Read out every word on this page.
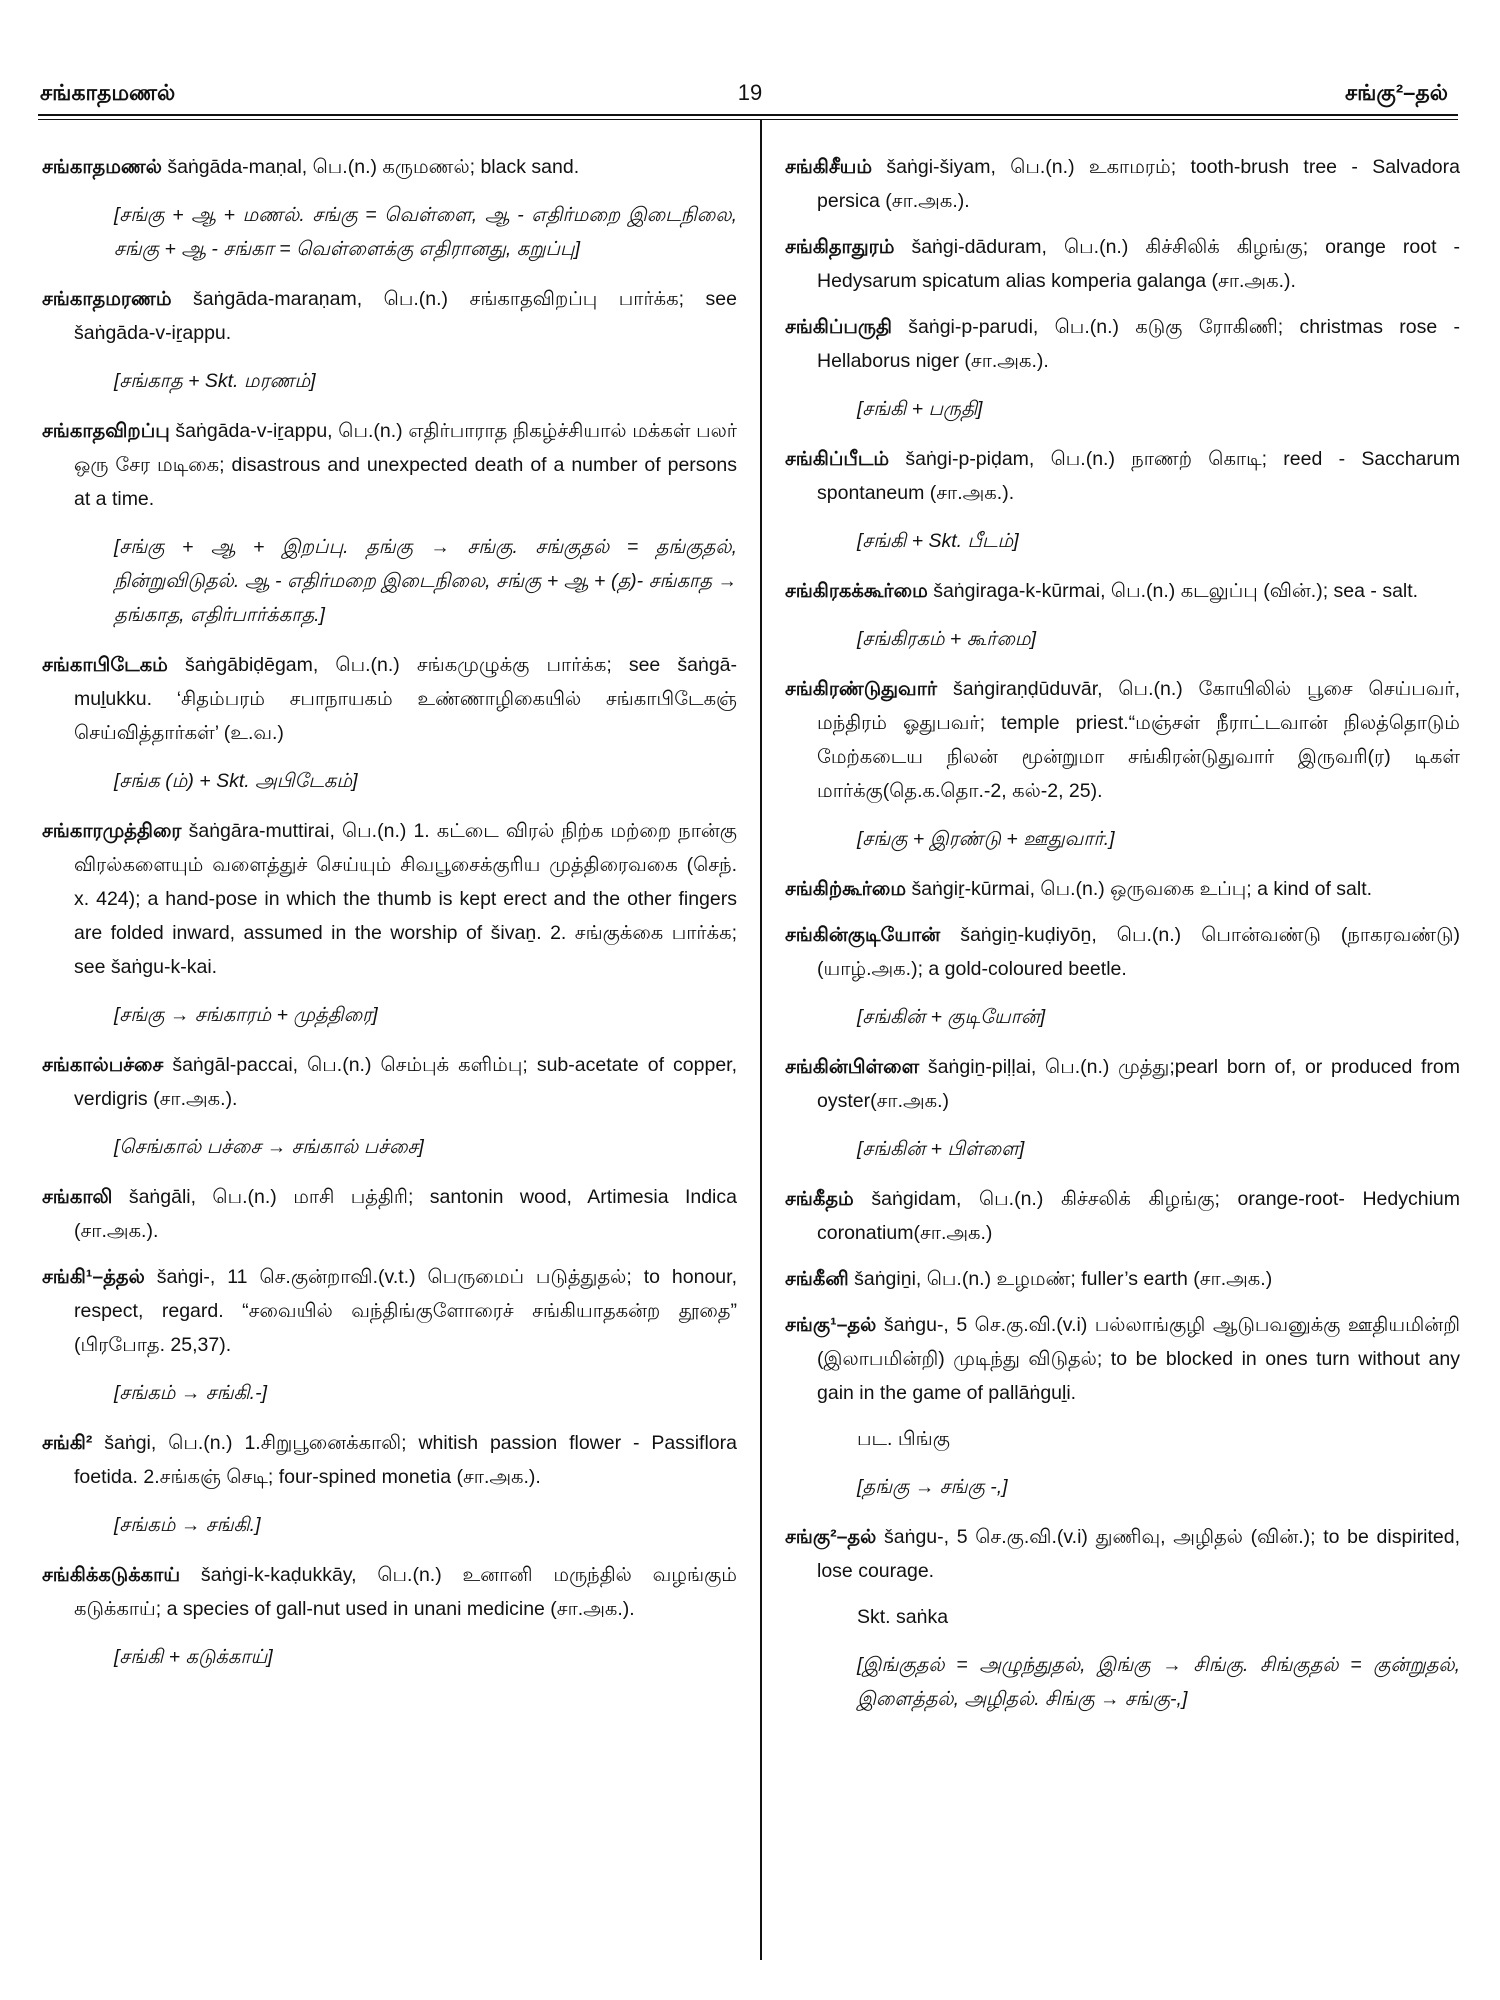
சங்காதமணல்	19	சங்கு²–தல்

சங்காதமணல் šaṅgāda-maṇal, பெ.(n.) கருமணல்; black sand.

[சங்கு + ஆ + மணல். சங்கு = வெள்ளை, ஆ - எதிர்மறை இடைநிலை, சங்கு + ஆ - சங்கா = வெள்ளைக்கு எதிரானது, கறுப்பு]

சங்காதமரணம் šaṅgāda-maraṇam, பெ.(n.) சங்காதவிறப்பு பார்க்க; see šaṅgāda-v-iṟappu.

[சங்காத + Skt. மரணம்]

சங்காதவிறப்பு šaṅgāda-v-iṟappu, பெ.(n.) எதிர்பாராத நிகழ்ச்சியால் மக்கள் பலர் ஒரு சேர மடிகை; disastrous and unexpected death of a number of persons at a time.

[சங்கு + ஆ + இறப்பு. தங்கு → சங்கு. சங்குதல் = தங்குதல், நின்றுவிடுதல். ஆ - எதிர்மறை இடைநிலை, சங்கு + ஆ + (த)- சங்காத → தங்காத, எதிர்பார்க்காத.]

சங்காபிடேகம் šaṅgābiḍēgam, பெ.(n.) சங்கமுழுக்கு பார்க்க; see šaṅgā-muḻukku. ‘சிதம்பரம் சபாநாயகம் உண்ணாழிகையில் சங்காபிடேகஞ் செய்வித்தார்கள்’ (உ.வ.)

[சங்க (ம்) + Skt. அபிடேகம்]

சங்காரமுத்திரை šaṅgāra-muttirai, பெ.(n.) 1. கட்டை விரல் நிற்க மற்றை நான்கு விரல்களையும் வளைத்துச் செய்யும் சிவபூசைக்குரிய முத்திரைவகை (செந். x. 424); a hand-pose in which the thumb is kept erect and the other fingers are folded inward, assumed in the worship of šivaṉ. 2. சங்குக்கை பார்க்க; see šaṅgu-k-kai.

[சங்கு → சங்காரம் + முத்திரை]

சங்கால்பச்சை šaṅgāl-paccai, பெ.(n.) செம்புக் களிம்பு; sub-acetate of copper, verdigris (சா.அக.).

[செங்கால் பச்சை → சங்கால் பச்சை]

சங்காலி šaṅgāli, பெ.(n.) மாசி பத்திரி; santonin wood, Artimesia Indica (சா.அக.).

சங்கி¹–த்தல் šaṅgi-, 11 செ.குன்றாவி.(v.t.) பெருமைப் படுத்துதல்; to honour, respect, regard. “சவையில் வந்திங்குளோரைச் சங்கியாதகன்ற தூதை” (பிரபோத. 25,37).

[சங்கம் → சங்கி.-]

சங்கி² šaṅgi, பெ.(n.) 1.சிறுபூனைக்காலி; whitish passion flower - Passiflora foetida. 2.சங்கஞ் செடி; four-spined monetia (சா.அக.).

[சங்கம் → சங்கி.]

சங்கிக்கடுக்காய் šaṅgi-k-kaḍukkāy, பெ.(n.) உனானி மருந்தில் வழங்கும் கடுக்காய்; a species of gall-nut used in unani medicine (சா.அக.).

[சங்கி + கடுக்காய்]

சங்கிசீயம் šaṅgi-šiyam, பெ.(n.) உகாமரம்; tooth-brush tree - Salvadora persica (சா.அக.).

சங்கிதாதுரம் šaṅgi-dāduram, பெ.(n.) கிச்சிலிக் கிழங்கு; orange root - Hedysarum spicatum alias komperia galanga (சா.அக.).

சங்கிப்பருதி šaṅgi-p-parudi, பெ.(n.) கடுகு ரோகிணி; christmas rose - Hellaborus niger (சா.அக.).

[சங்கி + பருதி]

சங்கிப்பீடம் šaṅgi-p-piḍam, பெ.(n.) நாணற் கொடி; reed - Saccharum spontaneum (சா.அக.).

[சங்கி + Skt. பீடம்]

சங்கிரகக்கூர்மை šaṅgiraga-k-kūrmai, பெ.(n.) கடலுப்பு (வின்.); sea - salt.

[சங்கிரகம் + கூர்மை]

சங்கிரண்டுதுவார் šaṅgiraṇḍūduvār, பெ.(n.) கோயிலில் பூசை செய்பவர், மந்திரம் ஓதுபவர்; temple priest.“மஞ்சள் நீராட்டவான் நிலத்தொடும் மேற்கடைய நிலன் மூன்றுமா சங்கிரன்டுதுவார் இருவரி(ர) டிகள் மார்க்கு(தெ.க.தொ.-2, கல்-2, 25).

[சங்கு + இரண்டு + ஊதுவார்.]

சங்கிற்கூர்மை šaṅgiṟ-kūrmai, பெ.(n.) ஒருவகை உப்பு; a kind of salt.

சங்கின்குடியோன் šaṅgiṉ-kuḍiyōṉ, பெ.(n.) பொன்வண்டு (நாகரவண்டு) (யாழ்.அக.); a gold-coloured beetle.

[சங்கின் + குடியோன்]

சங்கின்பிள்ளை šaṅgiṉ-piḷḷai, பெ.(n.) முத்து;pearl born of, or produced from oyster(சா.அக.)

[சங்கின் + பிள்ளை]

சங்கீதம் šaṅgidam, பெ.(n.) கிச்சலிக் கிழங்கு; orange-root- Hedychium coronatium(சா.அக.)

சங்கீனி šaṅgiṉi, பெ.(n.) உழமண்; fuller’s earth (சா.அக.)

சங்கு¹–தல் šaṅgu-, 5 செ.கு.வி.(v.i) பல்லாங்குழி ஆடுபவனுக்கு ஊதியமின்றி (இலாபமின்றி) முடிந்து விடுதல்; to be blocked in ones turn without any gain in the game of pallāṅguḻi.

பட. பிங்கு
[தங்கு → சங்கு -,]

சங்கு²–தல் šaṅgu-, 5 செ.கு.வி.(v.i) துணிவு, அழிதல் (வின்.); to be dispirited, lose courage.

Skt. saṅka
[இங்குதல் = அழுந்துதல், இங்கு → சிங்கு. சிங்குதல் = குன்றுதல், இளைத்தல், அழிதல். சிங்கு → சங்கு-,]
